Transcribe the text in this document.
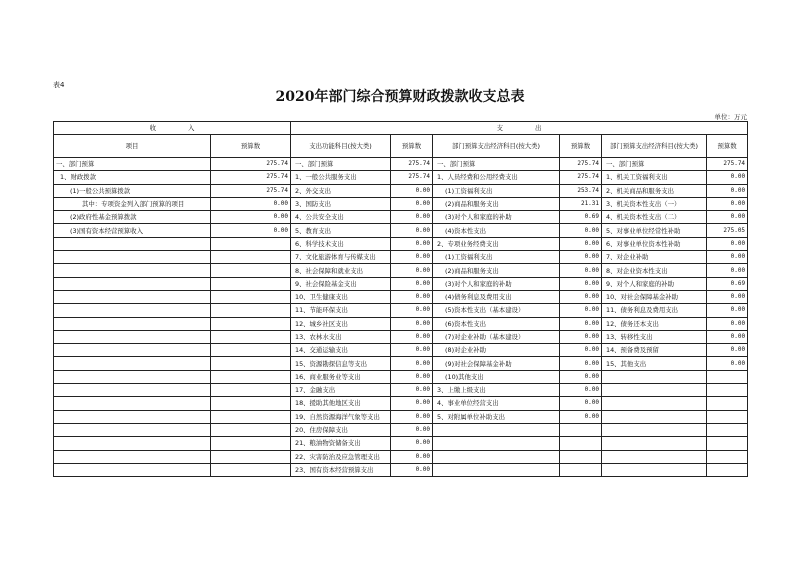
表4
2020年部门综合预算财政拨款收支总表
单位：万元
收　　　　　入		支　　　　　出					
项目	预算数	支出功能科目(按大类)	预算数	部门预算支出经济科目(按大类)	预算数	部门预算支出经济科目(按大类)	预算数
一、部门预算	275.74	一、部门预算	275.74	一、部门预算	275.74	一、部门预算	275.74
1、财政拨款	275.74	1、一般公共服务支出	275.74	1、人员经费和公用经费支出	275.74	1、机关工资福利支出	0.00
(1)一般公共预算拨款	275.74	2、外交支出	0.00	(1)工资福利支出	253.74	2、机关商品和服务支出	0.00
其中：专项资金列入部门预算的项目	0.00	3、国防支出	0.00	(2)商品和服务支出	21.31	3、机关资本性支出（一）	0.00
(2)政府性基金预算拨款	0.00	4、公共安全支出	0.00	(3)对个人和家庭的补助	0.69	4、机关资本性支出（二）	0.00
(3)国有资本经营预算收入	0.00	5、教育支出	0.00	(4)资本性支出	0.00	5、对事业单位经常性补助	275.05
		6、科学技术支出	0.00	2、专项业务经费支出	0.00	6、对事业单位资本性补助	0.00
		7、文化旅游体育与传媒支出	0.00	(1)工资福利支出	0.00	7、对企业补助	0.00
		8、社会保障和就业支出	0.00	(2)商品和服务支出	0.00	8、对企业资本性支出	0.00
		9、社会保险基金支出	0.00	(3)对个人和家庭的补助	0.00	9、对个人和家庭的补助	0.69
		10、卫生健康支出	0.00	(4)债务利息及费用支出	0.00	10、对社会保障基金补助	0.00
		11、节能环保支出	0.00	(5)资本性支出（基本建设）	0.00	11、债务利息及费用支出	0.00
		12、城乡社区支出	0.00	(6)资本性支出	0.00	12、债务还本支出	0.00
		13、农林水支出	0.00	(7)对企业补助（基本建设）	0.00	13、转移性支出	0.00
		14、交通运输支出	0.00	(8)对企业补助	0.00	14、预备费及预留	0.00
		15、资源勘探信息等支出	0.00	(9)对社会保障基金补助	0.00	15、其他支出	0.00
		16、商业服务业等支出	0.00	(10)其他支出	0.00		
		17、金融支出	0.00	3、上缴上级支出	0.00		
		18、援助其他地区支出	0.00	4、事业单位经营支出	0.00		
		19、自然资源海洋气象等支出	0.00	5、对附属单位补助支出	0.00		
		20、住房保障支出	0.00				
		21、粮油物资储备支出	0.00				
		22、灾害防治及应急管理支出	0.00				
		23、国有资本经营预算支出	0.00				
